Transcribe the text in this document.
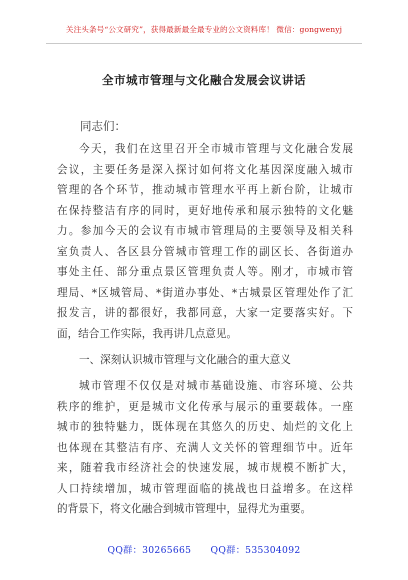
关注头条号“公文研究”，获得最新最全最专业的公文资料库！ 微信：gongwenyj
全市城市管理与文化融合发展会议讲话
同志们：
今天，我们在这里召开全市城市管理与文化融合发展
会议，主要任务是深入探讨如何将文化基因深度融入城市
管理的各个环节，推动城市管理水平再上新台阶，让城市
在保持整洁有序的同时，更好地传承和展示独特的文化魅
力。参加今天的会议有市城市管理局的主要领导及相关科
室负责人、各区县分管城市管理工作的副区长、各街道办
事处主任、部分重点景区管理负责人等。刚才，市城市管
理局、*区城管局、*街道办事处、*古城景区管理处作了汇
报发言，讲的都很好，我都同意，大家一定要落实好。下
面，结合工作实际，我再讲几点意见。
一、深刻认识城市管理与文化融合的重大意义
城市管理不仅仅是对城市基础设施、市容环境、公共
秩序的维护，更是城市文化传承与展示的重要载体。一座
城市的独特魅力，既体现在其悠久的历史、灿烂的文化上
也体现在其整洁有序、充满人文关怀的管理细节中。近年
来，随着我市经济社会的快速发展，城市规模不断扩大，
人口持续增加，城市管理面临的挑战也日益增多。在这样
的背景下，将文化融合到城市管理中，显得尤为重要。
QQ群：30265665 QQ群：535304092
